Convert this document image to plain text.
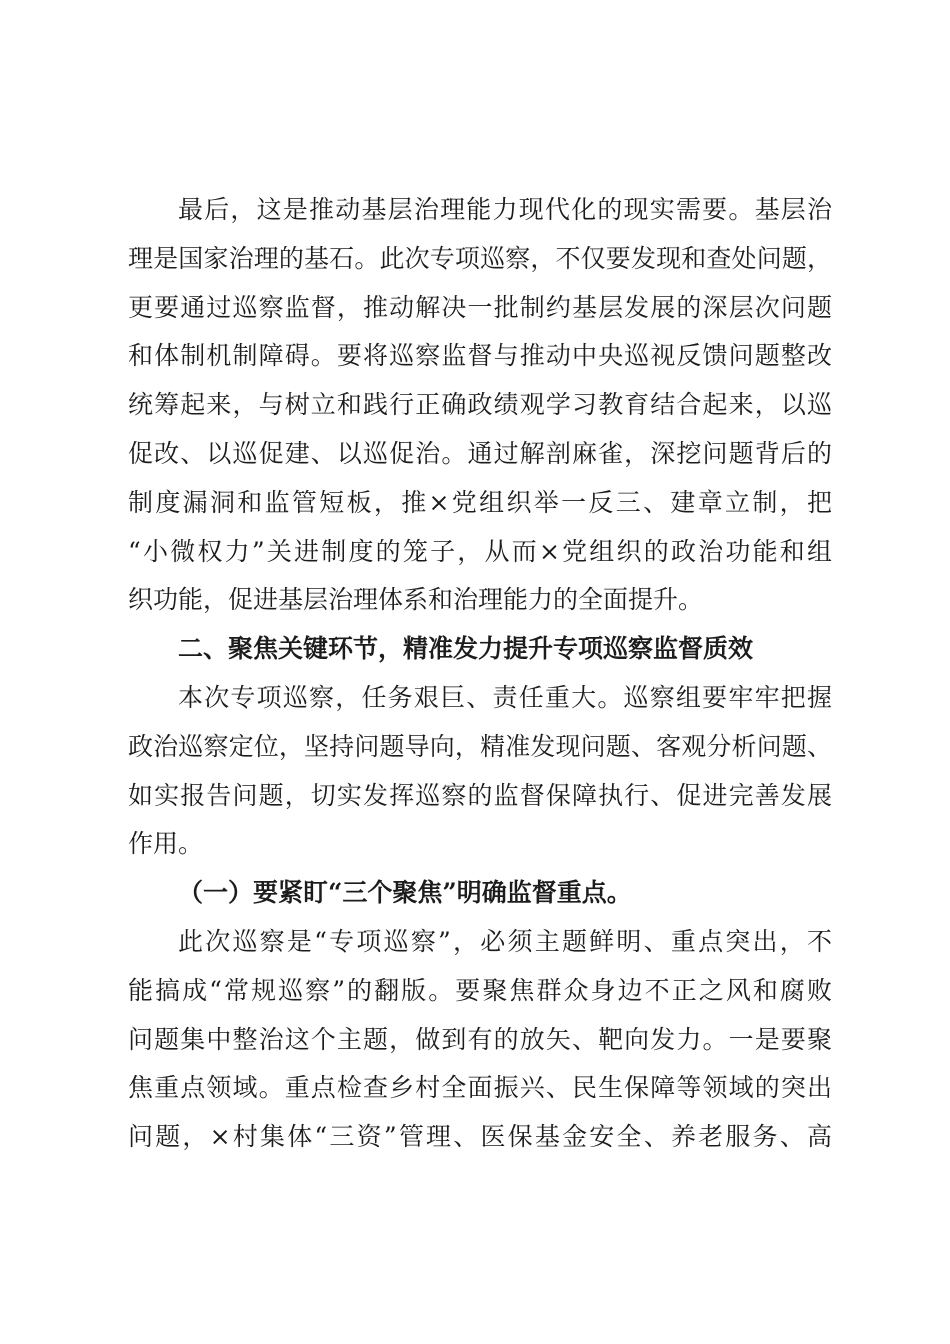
最后，这是推动基层治理能力现代化的现实需要。基层治
理是国家治理的基石。此次专项巡察，不仅要发现和查处问题，
更要通过巡察监督，推动解决一批制约基层发展的深层次问题
和体制机制障碍。要将巡察监督与推动中央巡视反馈问题整改
统筹起来，与树立和践行正确政绩观学习教育结合起来，以巡
促改、以巡促建、以巡促治。通过解剖麻雀，深挖问题背后的
制度漏洞和监管短板，推×党组织举一反三、建章立制，把
“小微权力”关进制度的笼子，从而×党组织的政治功能和组
织功能，促进基层治理体系和治理能力的全面提升。
二、聚焦关键环节，精准发力提升专项巡察监督质效
本次专项巡察，任务艰巨、责任重大。巡察组要牢牢把握
政治巡察定位，坚持问题导向，精准发现问题、客观分析问题、
如实报告问题，切实发挥巡察的监督保障执行、促进完善发展
作用。
（一）要紧盯“三个聚焦”明确监督重点。
此次巡察是“专项巡察”，必须主题鲜明、重点突出，不
能搞成“常规巡察”的翻版。要聚焦群众身边不正之风和腐败
问题集中整治这个主题，做到有的放矢、靶向发力。一是要聚
焦重点领域。重点检查乡村全面振兴、民生保障等领域的突出
问题，×村集体“三资”管理、医保基金安全、养老服务、高
